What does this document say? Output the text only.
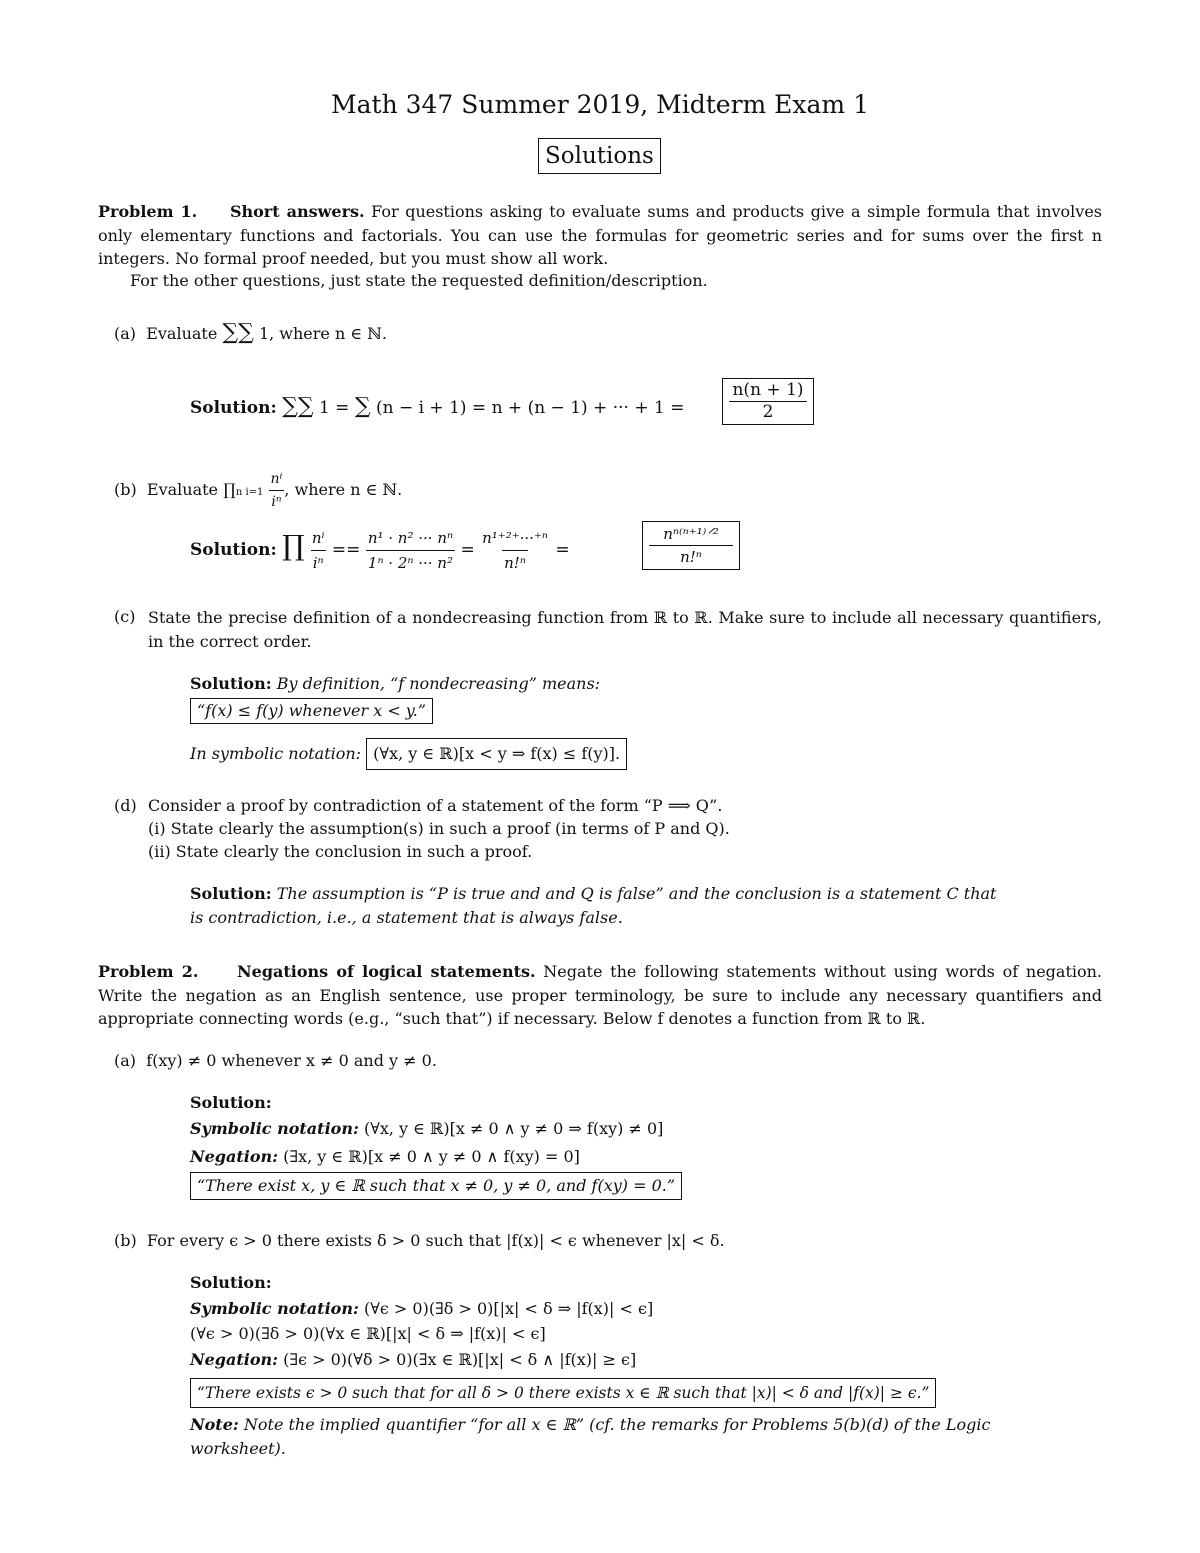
Math 347 Summer 2019, Midterm Exam 1
Solutions
Problem 1. Short answers. For questions asking to evaluate sums and products give a simple formula that involves only elementary functions and factorials. You can use the formulas for geometric series and for sums over the first n integers. No formal proof needed, but you must show all work.
For the other questions, just state the requested definition/description.
(a) Evaluate ∑∑ 1, where n ∈ ℕ.
Solution: ∑∑ 1 = ∑ (n − i + 1) = n + (n − 1) + ··· + $1 = \frac{n(n + 1)}{2}$
(b) Evaluate ∏n $i=1 \frac{\text{nⁱ}}{\text{iⁿ}}$ , where n ∈ ℕ.
Solution: ∏ $\frac{\text{nⁱ}}{\text{iⁿ}} == \frac{\text{n¹ · n² ··· nⁿ}}{\text{1ⁿ · 2ⁿ ··· n²}} = \frac{\text{n¹⁺²⁺···⁺ⁿ}}{\text{n!ⁿ}}$ =
nⁿ⁽ⁿ⁺¹⁾ᐟ²
n!ⁿ
(c) State the precise definition of a nondecreasing function from ℝ to ℝ. Make sure to include all necessary quantifiers, in the correct order.
Solution: By definition, “f nondecreasing” means:
“f(x) ≤ f(y) whenever x < y.”
In symbolic notation: (∀x, y ∈ ℝ)[x < y ⇒ f(x) ≤ f(y)].
(d) Consider a proof by contradiction of a statement of the form “P ⟹ Q”.
(i) State clearly the assumption(s) in such a proof (in terms of P and Q).
(ii) State clearly the conclusion in such a proof.
Solution: The assumption is “P is true and and Q is false” and the conclusion is a statement C that
is contradiction, i.e., a statement that is always false.
Problem 2. Negations of logical statements. Negate the following statements without using words of negation. Write the negation as an English sentence, use proper terminology, be sure to include any necessary quantifiers and appropriate connecting words (e.g., “such that”) if necessary. Below f denotes a function from ℝ to ℝ.
(a) f(xy) ≠ 0 whenever x ≠ 0 and y ≠ 0.
Solution:
Symbolic notation: (∀x, y ∈ ℝ)[x ≠ 0 ∧ y ≠ 0 ⇒ f(xy) ≠ 0]
Negation: (∃x, y ∈ ℝ)[x ≠ 0 ∧ y ≠ 0 ∧ f(xy) = 0]
“There exist x, y ∈ ℝ such that x ≠ 0, y ≠ 0, and f(xy) = 0.”
(b) For every ϵ > 0 there exists δ > 0 such that |f(x)| < ϵ whenever |x| < δ.
Solution:
Symbolic notation: (∀ϵ > 0)(∃δ > 0)[|x| < δ ⇒ |f(x)| < ϵ]
(∀ϵ > 0)(∃δ > 0)(∀x ∈ ℝ)[|x| < δ ⇒ |f(x)| < ϵ]
Negation: (∃ϵ > 0)(∀δ > 0)(∃x ∈ ℝ)[|x| < δ ∧ |f(x)| ≥ ϵ]
“There exists ϵ > 0 such that for all δ > 0 there exists x ∈ ℝ such that |x)| < δ and |f(x)| ≥ ϵ.”
Note: Note the implied quantifier “for all x ∈ ℝ” (cf. the remarks for Problems 5(b)(d) of the Logic
worksheet).
